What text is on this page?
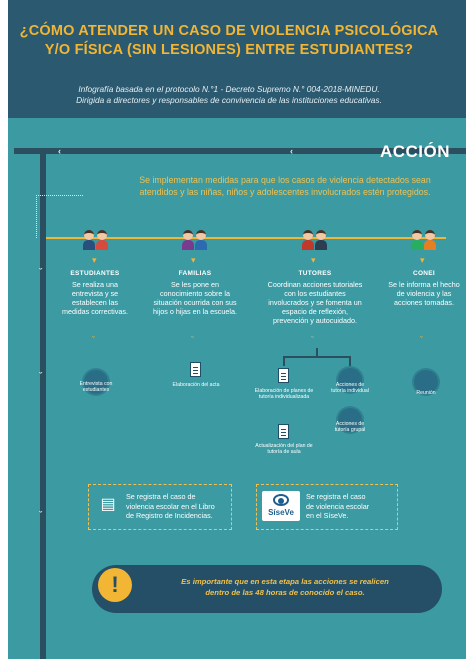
¿CÓMO ATENDER UN CASO DE VIOLENCIA PSICOLÓGICA
Y/O FÍSICA (SIN LESIONES) ENTRE ESTUDIANTES?
Infografía basada en el protocolo N.°1 - Decreto Supremo N.° 004-2018-MINEDU.
Dirigida a directores y responsables de convivencia de las instituciones educativas.
‹	‹
ˇ
ˇ
ˇ
ACCIÓN
Se implementan medidas para que los casos de violencia detectados sean
atendidos y las niñas, niños y adolescentes involucrados estén protegidos.
▾	▾	▾	▾
ESTUDIANTES
Se realiza una
entrevista y se
establecen las
medidas correctivas.
FAMILIAS
Se les pone en
conocimiento sobre la
situación ocurrida con sus
hijos o hijas en la escuela.
TUTORES
Coordinan acciones tutoriales
con los estudiantes
involucrados y se fomenta un
espacio de reflexión,
prevención y autocuidado.
CONEI
Se le informa el hecho
de violencia y las
acciones tomadas.
ˇ	ˇ	ˇ	ˇ
Entrevista con
estudiantes
Elaboración del acta
Elaboración de planes de
tutoría individualizada
Acciones de
tutoría individual
Actualización del plan de
tutoría de aula
Acciones de
tutoría grupal
Reunión
▤	Se registra el caso de
violencia escolar en el Libro
de Registro de Incidencias.	SíseVe
Se registra el caso
de violencia escolar
en el SíseVe.
!	Es importante que en esta etapa las acciones se realicen
dentro de las 48 horas de conocido el caso.
